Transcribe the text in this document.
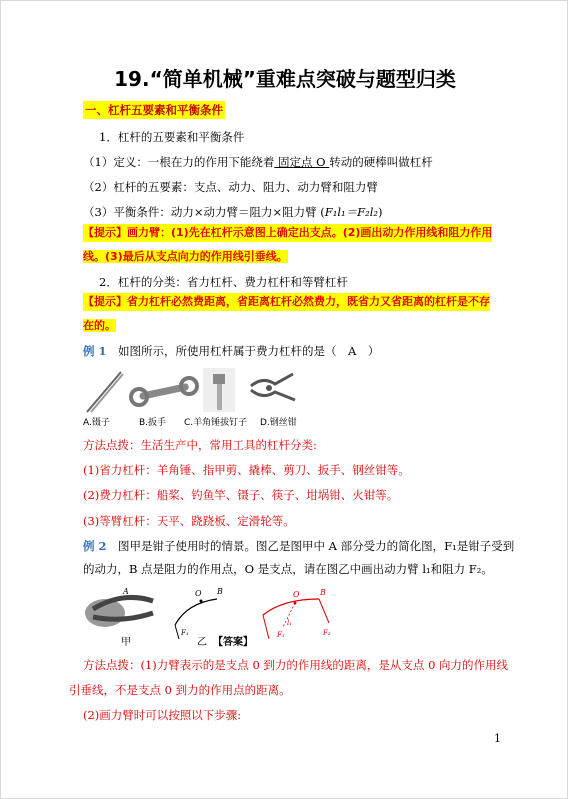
19.“简单机械”重难点突破与题型归类
一、杠杆五要素和平衡条件
1．杠杆的五要素和平衡条件
（1）定义：一根在力的作用下能绕着 固定点 O 转动的硬棒叫做杠杆
（2）杠杆的五要素：支点、动力、阻力、动力臂和阻力臂
（3）平衡条件：动力×动力臂＝阻力×阻力臂 (F₁l₁＝F₂l₂)
【提示】画力臂：(1)先在杠杆示意图上确定出支点。(2)画出动力作用线和阻力作用
线。(3)最后从支点向力的作用线引垂线。
2．杠杆的分类：省力杠杆、费力杠杆和等臂杠杆
【提示】省力杠杆必然费距离，省距离杠杆必然费力，既省力又省距离的杠杆是不存
在的。
例 1　 如图所示，所使用杠杆属于费力杠杆的是（　A　）
A.镊子	B.扳手 C.羊角锤拔钉子 D.钢丝钳
方法点拨：生活生产中，常用工具的杠杆分类:
(1)省力杠杆：羊角锤、指甲剪、撬棒、剪刀、扳手、钢丝钳等。
(2)费力杠杆：船桨、钓鱼竿、镊子、筷子、坩埚钳、火钳等。
(3)等臂杠杆：天平、跷跷板、定滑轮等。
例 2　 图甲是钳子使用时的情景。图乙是图甲中 A 部分受力的简化图，F₁是钳子受到
的动力，B 点是阻力的作用点，O 是支点，请在图乙中画出动力臂 l₁和阻力 F₂。
A	O B
F₁
O	B
l₁
F₁	F₂
甲	乙 【答案】
方法点拨：(1)力臂表示的是支点 0 到力的作用线的距离，是从支点 0 向力的作用线
引垂线，不是支点 0 到力的作用点的距离。
(2)画力臂时可以按照以下步骤:
1
